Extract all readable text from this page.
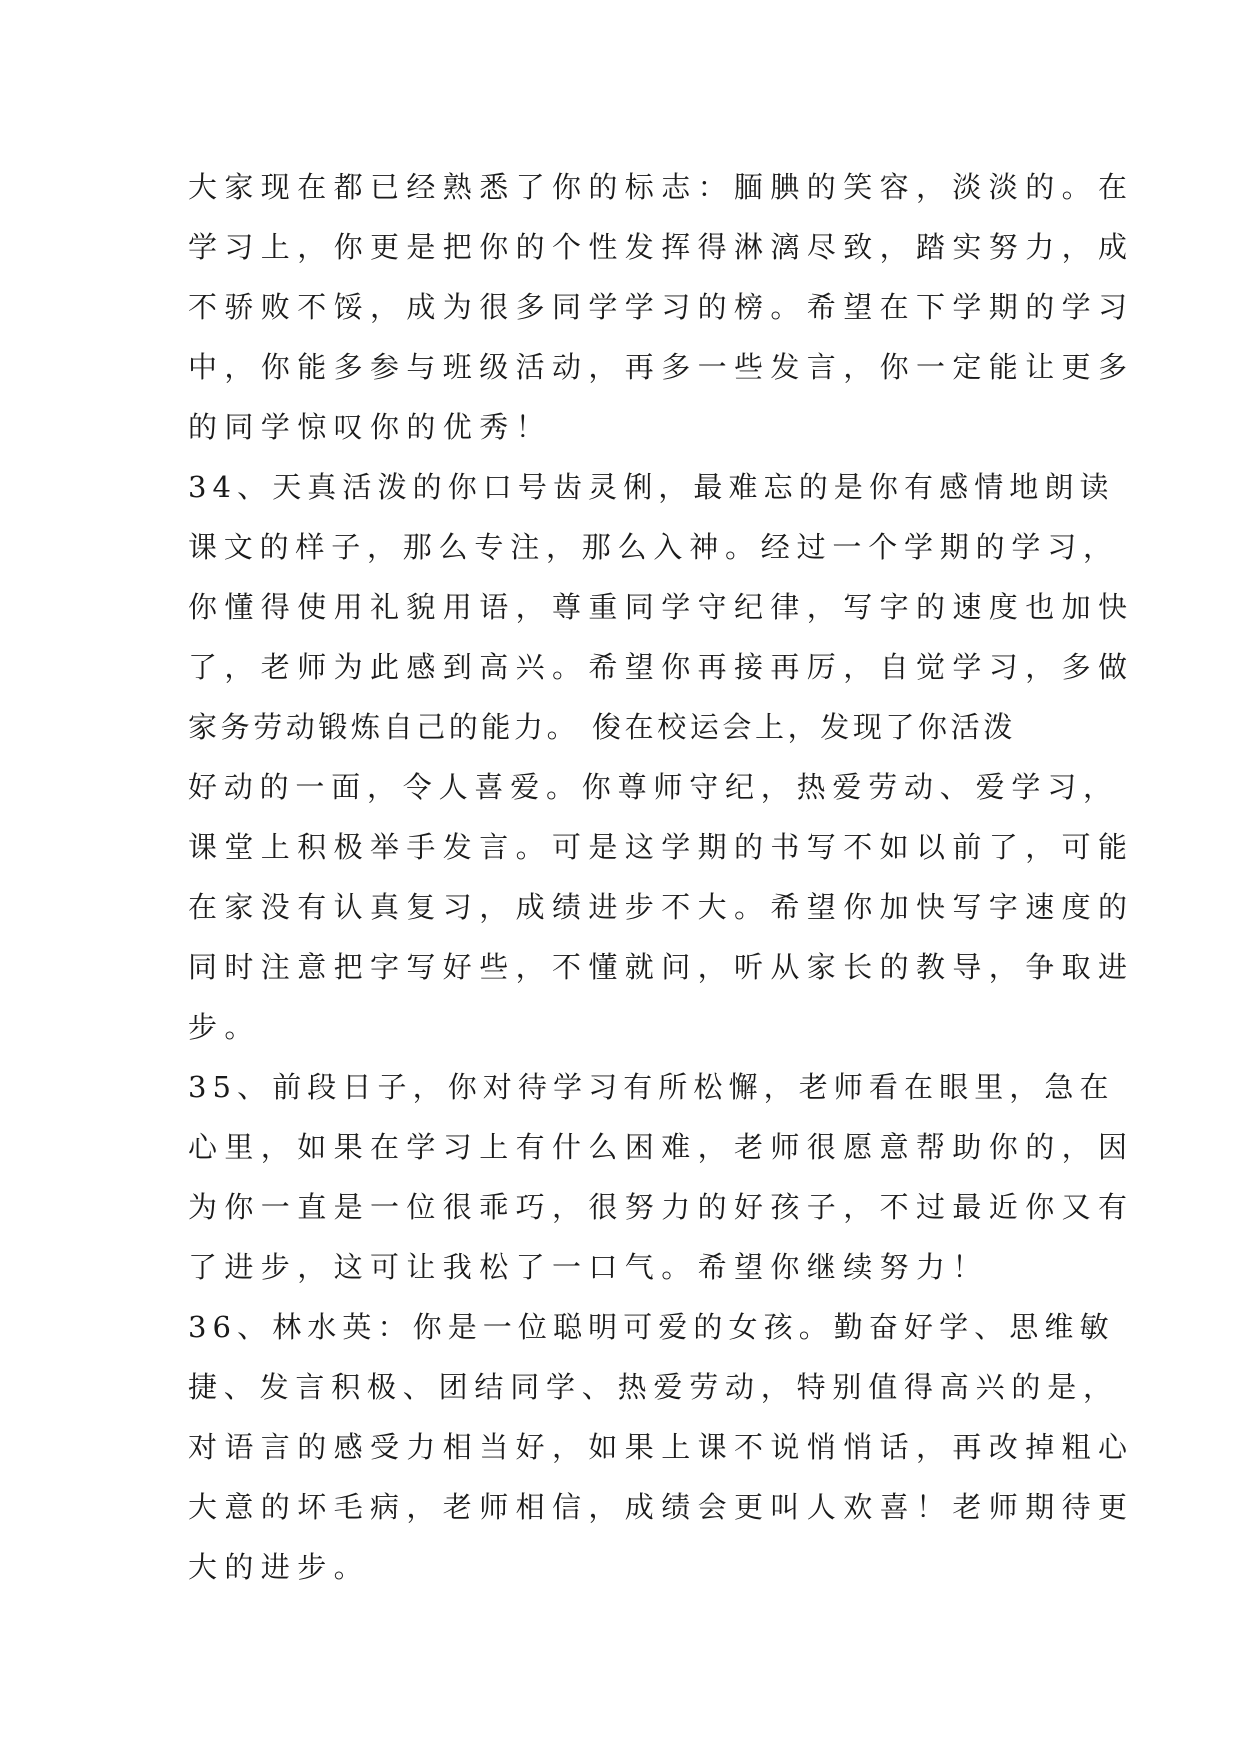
大家现在都已经熟悉了你的标志：腼腆的笑容，淡淡的。在
学习上，你更是把你的个性发挥得淋漓尽致，踏实努力，成
不骄败不馁，成为很多同学学习的榜。希望在下学期的学习
中，你能多参与班级活动，再多一些发言，你一定能让更多
的同学惊叹你的优秀！
34、天真活泼的你口号齿灵俐，最难忘的是你有感情地朗读
课文的样子，那么专注，那么入神。经过一个学期的学习，
你懂得使用礼貌用语，尊重同学守纪律，写字的速度也加快
了，老师为此感到高兴。希望你再接再厉，自觉学习，多做
家务劳动锻炼自己的能力。 俊在校运会上，发现了你活泼
好动的一面，令人喜爱。你尊师守纪，热爱劳动、爱学习，
课堂上积极举手发言。可是这学期的书写不如以前了，可能
在家没有认真复习，成绩进步不大。希望你加快写字速度的
同时注意把字写好些，不懂就问，听从家长的教导，争取进
步。
35、前段日子，你对待学习有所松懈，老师看在眼里，急在
心里，如果在学习上有什么困难，老师很愿意帮助你的，因
为你一直是一位很乖巧，很努力的好孩子，不过最近你又有
了进步，这可让我松了一口气。希望你继续努力！
36、林水英：你是一位聪明可爱的女孩。勤奋好学、思维敏
捷、发言积极、团结同学、热爱劳动，特别值得高兴的是，
对语言的感受力相当好，如果上课不说悄悄话，再改掉粗心
大意的坏毛病，老师相信，成绩会更叫人欢喜！老师期待更
大的进步。
